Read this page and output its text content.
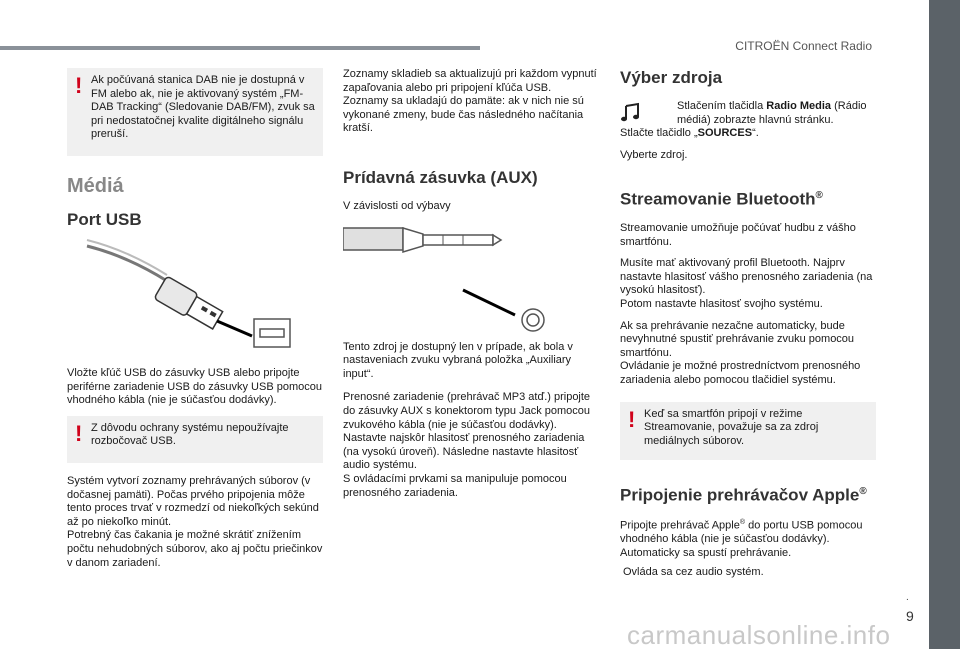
CITROËN Connect Radio
.
9
carmanualsonline.info
! Ak počúvaná stanica DAB nie je dostupná v FM alebo ak, nie je aktivovaný systém „FM-DAB Tracking“ (Sledovanie DAB/FM), zvuk sa pri nedostatočnej kvalite digitálneho signálu preruší.

Médiá
Port USB

Vložte kľúč USB do zásuvky USB alebo pripojte periférne zariadenie USB do zásuvky USB pomocou vhodného kábla (nie je súčasťou dodávky).

! Z dôvodu ochrany systému nepoužívajte rozbočovač USB.

Systém vytvorí zoznamy prehrávaných súborov (v dočasnej pamäti). Počas prvého pripojenia môže tento proces trvať v rozmedzí od niekoľkých sekúnd až po niekoľko minút.

Potrebný čas čakania je možné skrátiť znížením počtu nehudobných súborov, ako aj počtu priečinkov v danom zariadení.

Zoznamy skladieb sa aktualizujú pri každom vypnutí zapaľovania alebo pri pripojení kľúča USB. Zoznamy sa ukladajú do pamäte: ak v nich nie sú vykonané zmeny, bude čas následného načítania kratší.

Prídavná zásuvka (AUX)

V závislosti od výbavy

Tento zdroj je dostupný len v prípade, ak bola v nastaveniach zvuku vybraná položka „Auxiliary input“.

Prenosné zariadenie (prehrávač MP3 atď.) pripojte do zásuvky AUX s konektorom typu Jack pomocou zvukového kábla (nie je súčasťou dodávky).

Nastavte najskôr hlasitosť prenosného zariadenia (na vysokú úroveň). Následne nastavte hlasitosť audio systému.

S ovládacími prvkami sa manipuluje pomocou prenosného zariadenia.

Výber zdroja

Stlačením tlačidla Radio Media (Rádio médiá) zobrazte hlavnú stránku.

Stlačte tlačidlo „SOURCES“.

Vyberte zdroj.

Streamovanie Bluetooth®

Streamovanie umožňuje počúvať hudbu z vášho smartfónu.

Musíte mať aktivovaný profil Bluetooth. Najprv nastavte hlasitosť vášho prenosného zariadenia (na vysokú hlasitosť).

Potom nastavte hlasitosť svojho systému.

Ak sa prehrávanie nezačne automaticky, bude nevyhnutné spustiť prehrávanie zvuku pomocou smartfónu.

Ovládanie je možné prostredníctvom prenosného zariadenia alebo pomocou tlačidiel systému.

! Keď sa smartfón pripojí v režime Streamovanie, považuje sa za zdroj mediálnych súborov.

Pripojenie prehrávačov Apple®

Pripojte prehrávač Apple® do portu USB pomocou vhodného kábla (nie je súčasťou dodávky).

Automaticky sa spustí prehrávanie.

Ovláda sa cez audio systém.
